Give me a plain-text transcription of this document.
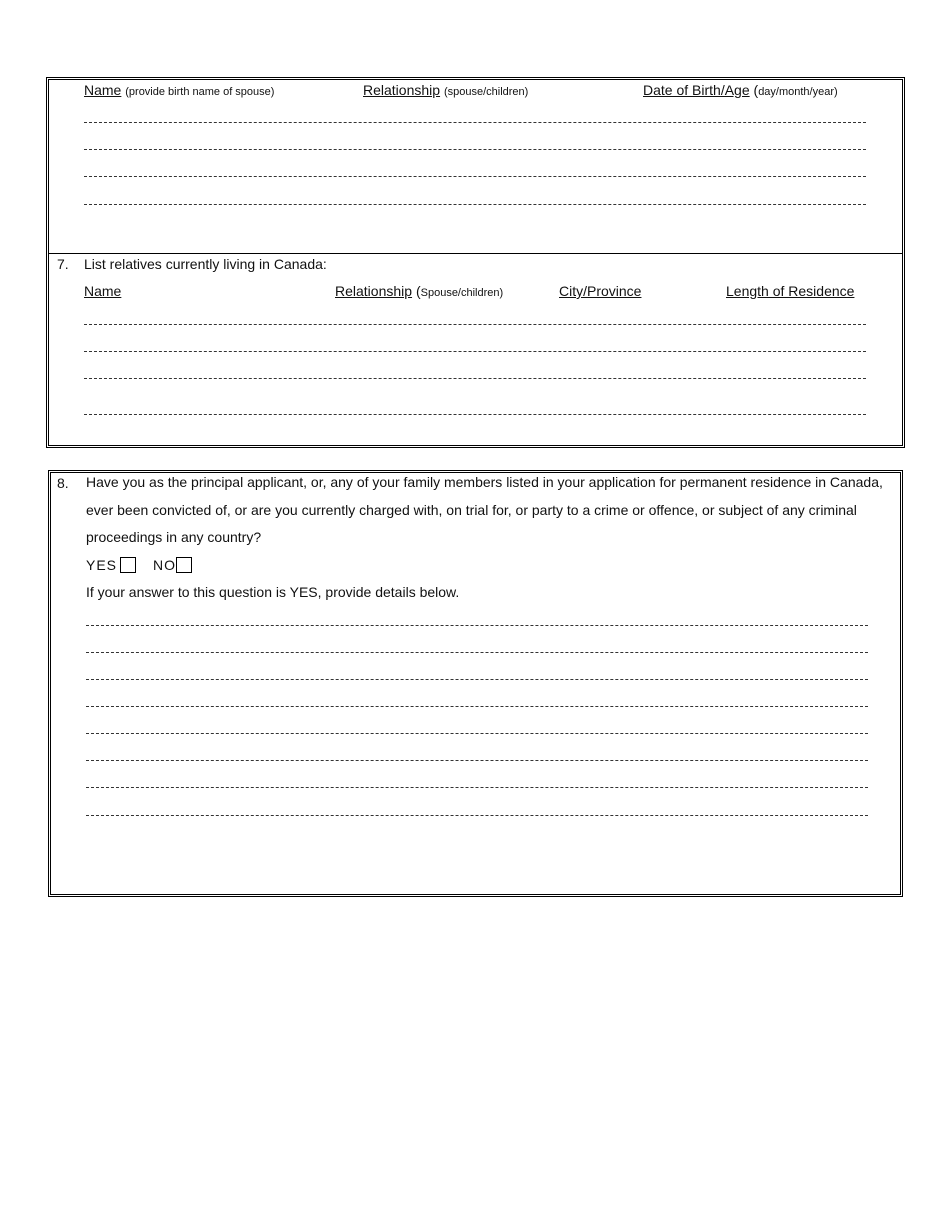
Name (provide birth name of spouse)	Relationship (spouse/children)	Date of Birth/Age (day/month/year)
7. List relatives currently living in Canada:
Name	Relationship (Spouse/children)	City/Province	Length of Residence
8. Have you as the principal applicant, or, any of your family members listed in your application for permanent residence in Canada, ever been convicted of, or are you currently charged with, on trial for, or party to a crime or offence, or subject of any criminal proceedings in any country?
YES	NO
If your answer to this question is YES, provide details below.
